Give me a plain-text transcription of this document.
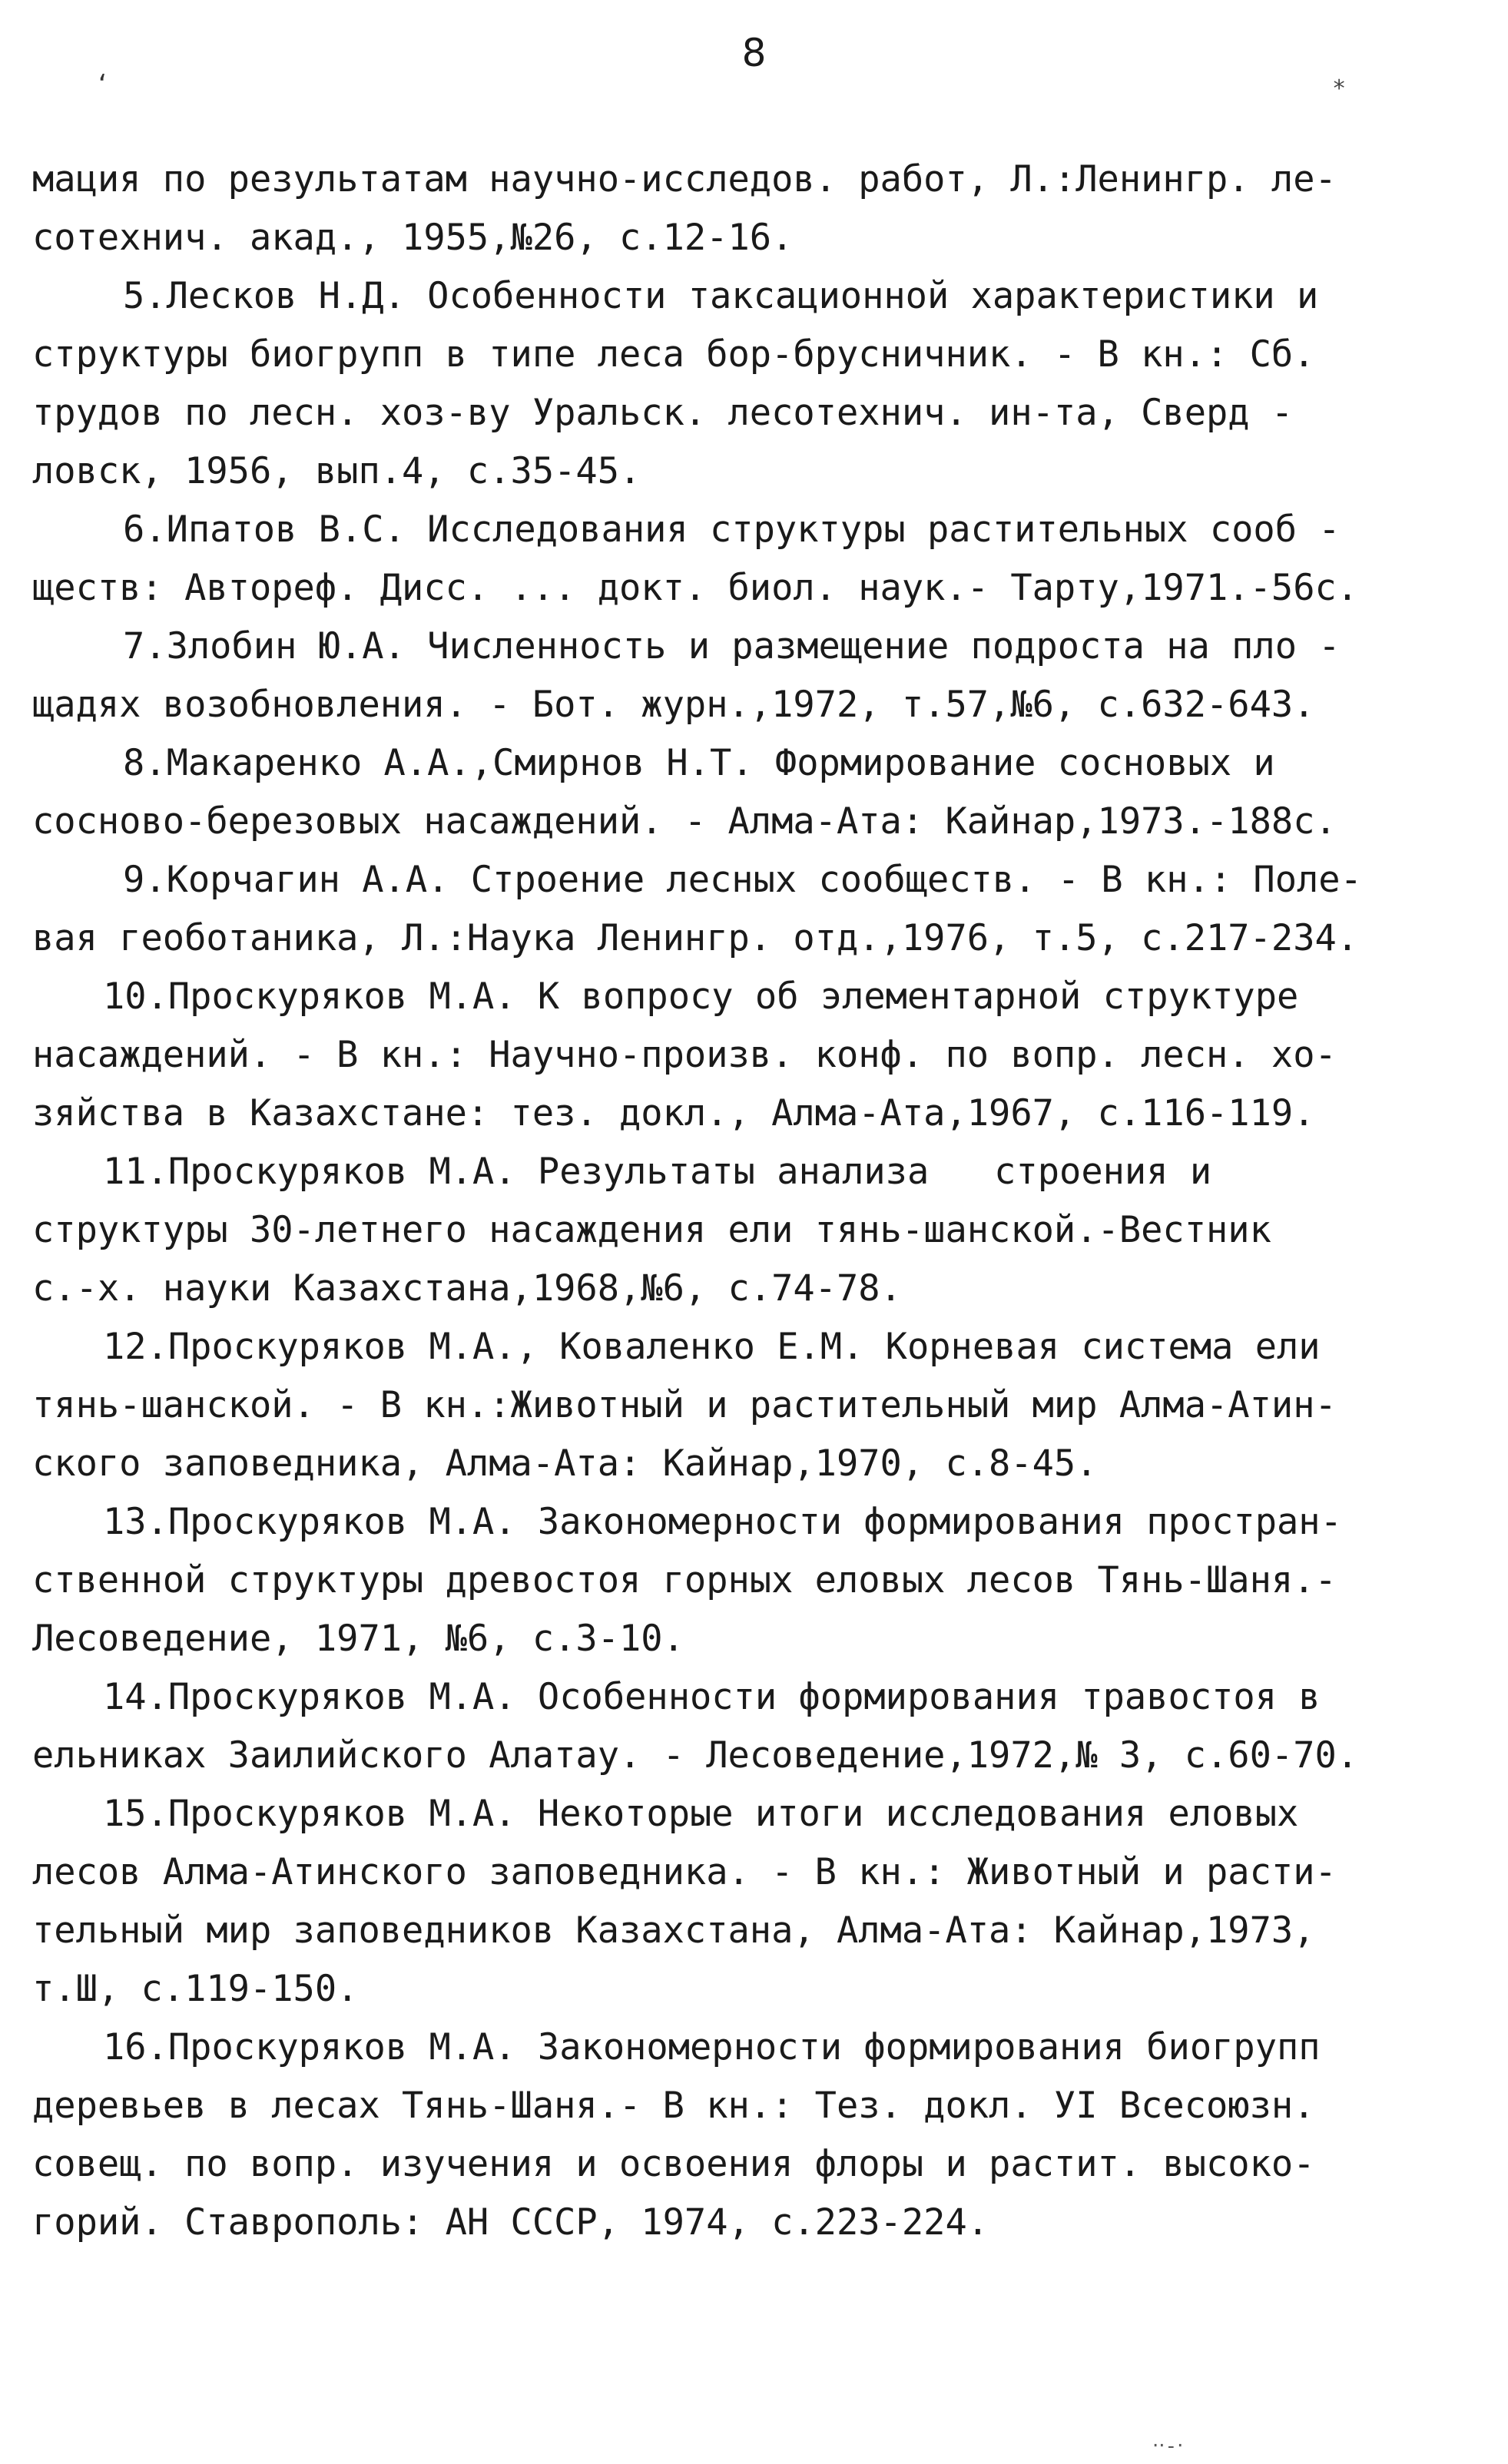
8
‘	∗
мация по результатам научно-исследов. работ, Л.:Ленингр. ле-
сотехнич. акад., 1955,№26, с.12-16.
5.Лесков Н.Д. Особенности таксационной характеристики и
структуры биогрупп в типе леса бор-брусничник. - В кн.: Сб.
трудов по лесн. хоз-ву Уральск. лесотехнич. ин-та, Сверд -
ловск, 1956, вып.4, с.35-45.
6.Ипатов В.С. Исследования структуры растительных сооб -
ществ: Автореф. Дисс. ... докт. биол. наук.- Тарту,1971.-56с.
7.Злобин Ю.А. Численность и размещение подроста на пло -
щадях возобновления. - Бот. журн.,1972, т.57,№6, с.632-643.
8.Макаренко А.А.,Смирнов Н.Т. Формирование сосновых и
сосново-березовых насаждений. - Алма-Ата: Кайнар,1973.-188с.
9.Корчагин А.А. Строение лесных сообществ. - В кн.: Поле-
вая геоботаника, Л.:Наука Ленингр. отд.,1976, т.5, с.217-234.
10.Проскуряков М.А. К вопросу об элементарной структуре
насаждений. - В кн.: Научно-произв. конф. по вопр. лесн. хо-
зяйства в Казахстане: тез. докл., Алма-Ата,1967, с.116-119.
11.Проскуряков М.А. Результаты анализа   строения и
структуры 30-летнего насаждения ели тянь-шанской.-Вестник
с.-х. науки Казахстана,1968,№6, с.74-78.
12.Проскуряков М.А., Коваленко Е.М. Корневая система ели
тянь-шанской. - В кн.:Животный и растительный мир Алма-Атин-
ского заповедника, Алма-Ата: Кайнар,1970, с.8-45.
13.Проскуряков М.А. Закономерности формирования простран-
ственной структуры древостоя горных еловых лесов Тянь-Шаня.-
Лесоведение, 1971, №6, с.3-10.
14.Проскуряков М.А. Особенности формирования травостоя в
ельниках Заилийского Алатау. - Лесоведение,1972,№ 3, с.60-70.
15.Проскуряков М.А. Некоторые итоги исследования еловых
лесов Алма-Атинского заповедника. - В кн.: Животный и расти-
тельный мир заповедников Казахстана, Алма-Ата: Кайнар,1973,
т.Ш, с.119-150.
16.Проскуряков М.А. Закономерности формирования биогрупп
деревьев в лесах Тянь-Шаня.- В кн.: Тез. докл. УI Всесоюзн.
совещ. по вопр. изучения и освоения флоры и растит. высоко-
горий. Ставрополь: АН СССР, 1974, с.223-224.
‧‧‐‧
